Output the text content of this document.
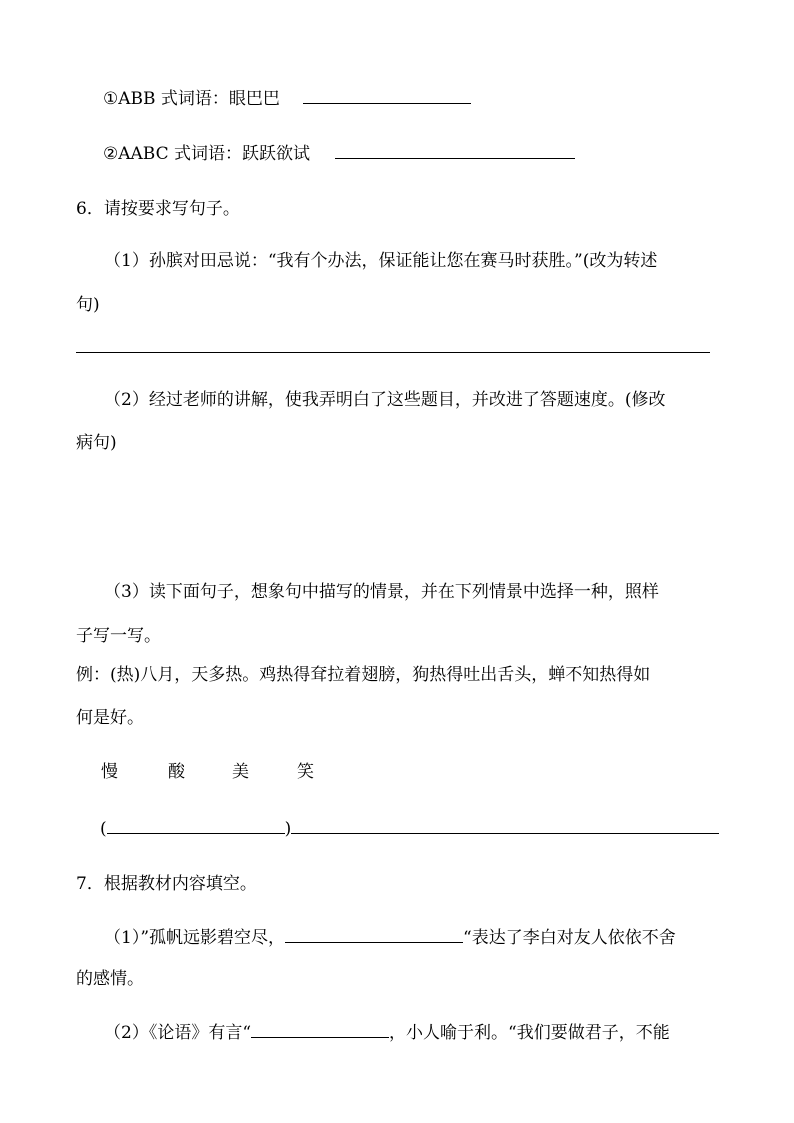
①ABB 式词语：眼巴巴
②AABC 式词语：跃跃欲试
6．请按要求写句子。
（1）孙膑对田忌说：“我有个办法，保证能让您在赛马时获胜。”(改为转述
句)
（2）经过老师的讲解，使我弄明白了这些题目，并改进了答题速度。(修改
病句)
（3）读下面句子，想象句中描写的情景，并在下列情景中选择一种，照样
子写一写。
例：(热)八月，天多热。鸡热得耷拉着翅膀，狗热得吐出舌头，蝉不知热得如
何是好。
慢	酸	美	笑
(	)
7．根据教材内容填空。
（1）”孤帆远影碧空尽，	“表达了李白对友人依依不舍
的感情。
（2）《论语》有言“	，小人喻于利。“我们要做君子，不能
